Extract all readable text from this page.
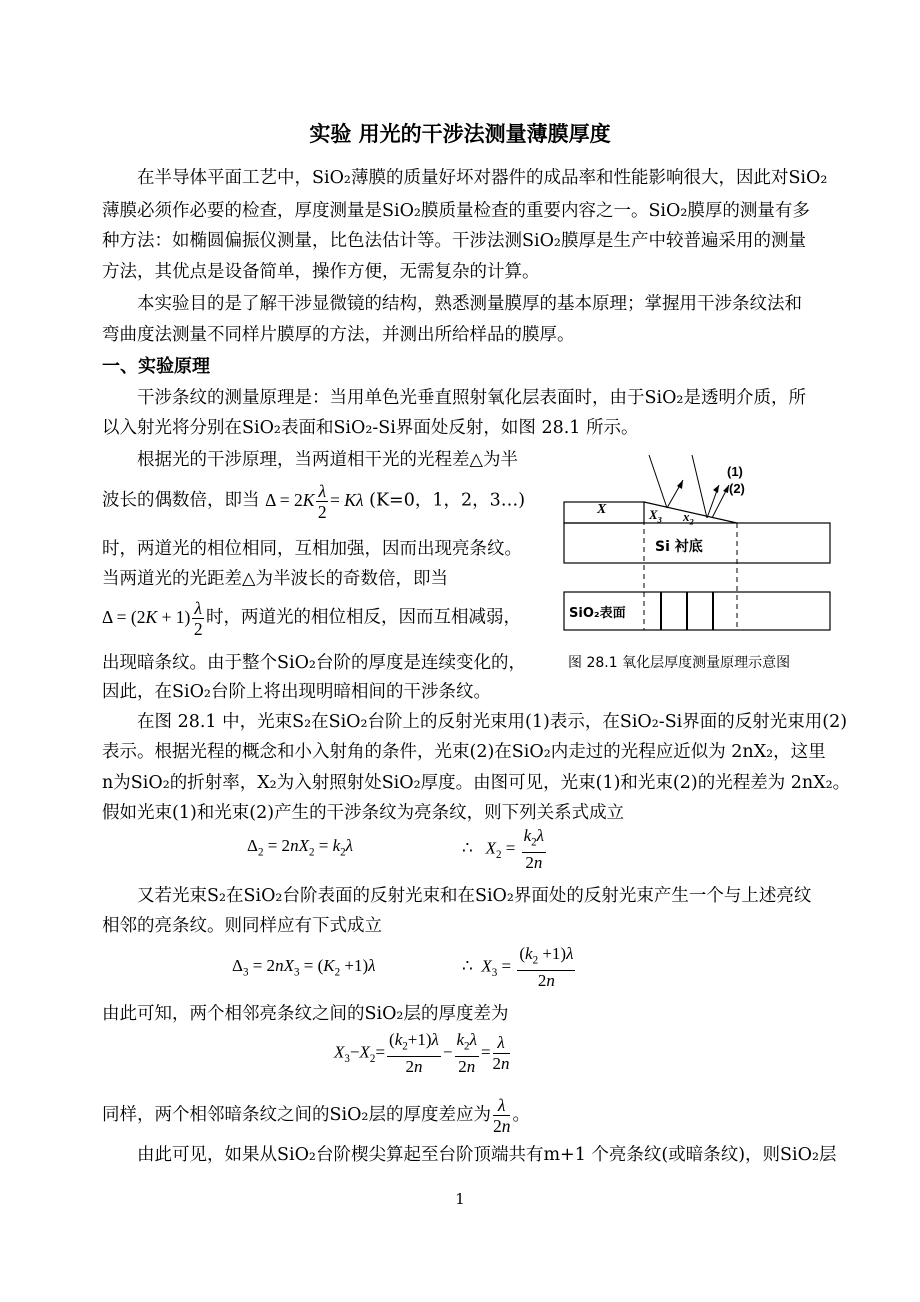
实验 用光的干涉法测量薄膜厚度
在半导体平面工艺中，SiO₂薄膜的质量好坏对器件的成品率和性能影响很大，因此对SiO₂
薄膜必须作必要的检查，厚度测量是SiO₂膜质量检查的重要内容之一。SiO₂膜厚的测量有多
种方法：如椭圆偏振仪测量，比色法估计等。干涉法测SiO₂膜厚是生产中较普遍采用的测量
方法，其优点是设备简单，操作方便，无需复杂的计算。
本实验目的是了解干涉显微镜的结构，熟悉测量膜厚的基本原理；掌握用干涉条纹法和
弯曲度法测量不同样片膜厚的方法，并测出所给样品的膜厚。
一、实验原理
干涉条纹的测量原理是：当用单色光垂直照射氧化层表面时，由于SiO₂是透明介质，所
以入射光将分别在SiO₂表面和SiO₂-Si界面处反射，如图 28.1 所示。
根据光的干涉原理，当两道相干光的光程差△为半
波长的偶数倍，即当 $\Delta = 2K \frac{\lambda}{2} = K\lambda$ (K=0，1，2，3…)
时，两道光的相位相同，互相加强，因而出现亮条纹。
当两道光的光距差△为半波长的奇数倍，即当
$\Delta = (2K + 1) \frac{\lambda}{2}$ 时，两道光的相位相反，因而互相减弱，
出现暗条纹。由于整个SiO₂台阶的厚度是连续变化的，
因此，在SiO₂台阶上将出现明暗相间的干涉条纹。
X	$X_3$ $x_2$
(1)
(2)
Si 衬底
SiO₂表面
图 28.1 氧化层厚度测量原理示意图
在图 28.1 中，光束S₂在SiO₂台阶上的反射光束用(1)表示，在SiO₂-Si界面的反射光束用(2)
表示。根据光程的概念和小入射角的条件，光束(2)在SiO₂内走过的光程应近似为 2nX₂，这里
n为SiO₂的折射率，X₂为入射照射处SiO₂厚度。由图可见，光束(1)和光束(2)的光程差为 2nX₂。
假如光束(1)和光束(2)产生的干涉条纹为亮条纹，则下列关系式成立
$\Delta_2 = 2nX_2 = k_2\lambda$	∴   $X_2 = \frac{k_2\lambda}{2n}$
又若光束S₂在SiO₂台阶表面的反射光束和在SiO₂界面处的反射光束产生一个与上述亮纹
相邻的亮条纹。则同样应有下式成立
$\Delta_3 = 2nX_3 = (K_2 +1)\lambda$	∴  $X_3 = \frac{(k_2 +1)\lambda}{2n}$
由此可知，两个相邻亮条纹之间的SiO₂层的厚度差为
$X_3-X_2= \frac{(k_2+1)\lambda}{2n} - \frac{k_2\lambda}{2n} = \frac{\lambda}{2n}$
同样，两个相邻暗条纹之间的SiO₂层的厚度差应为 $\frac{\lambda}{2n}$ 。
由此可见，如果从SiO₂台阶楔尖算起至台阶顶端共有m+1 个亮条纹(或暗条纹)，则SiO₂层
1
